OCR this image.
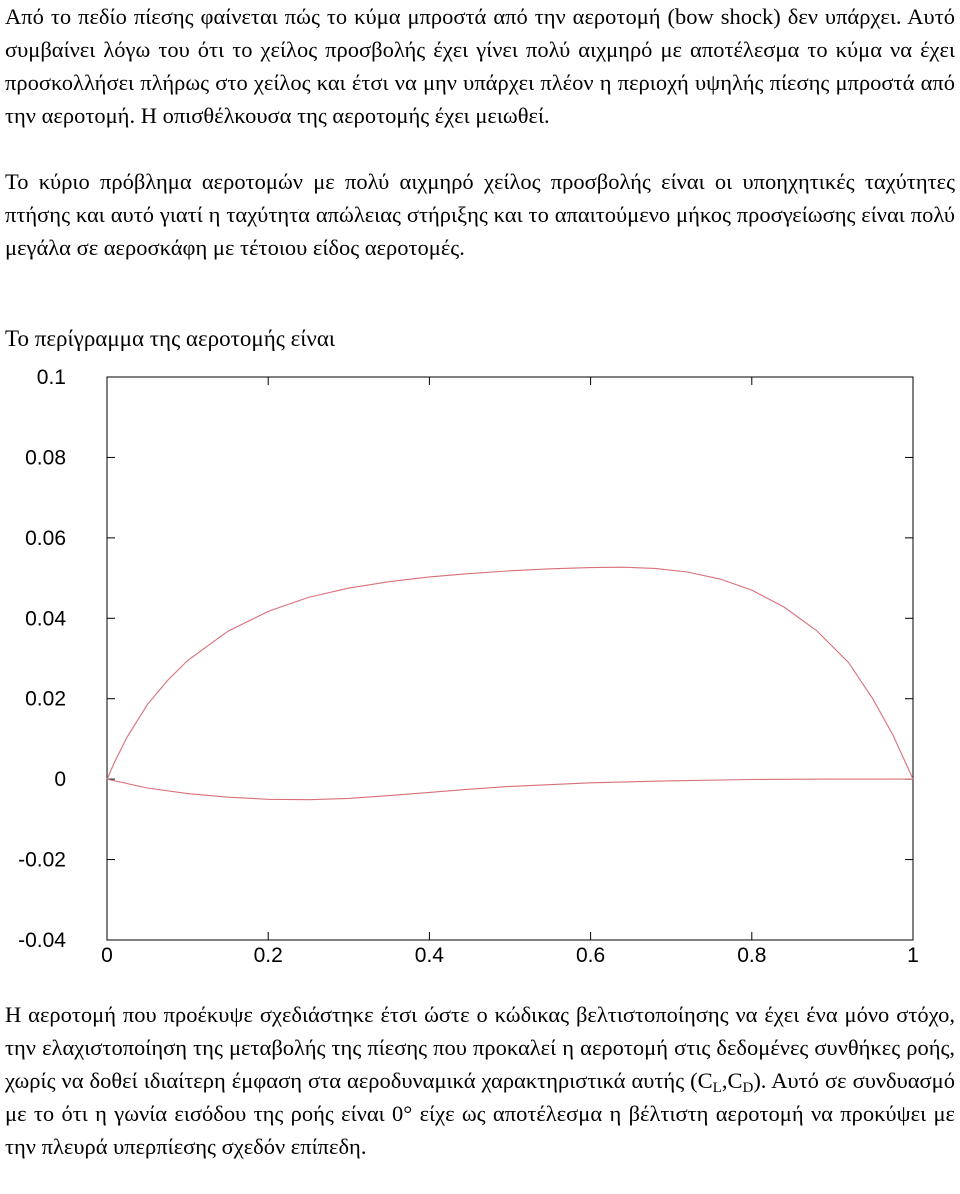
Από το πεδίο πίεσης φαίνεται πώς το κύμα μπροστά από την αεροτομή (bow shock) δεν υπάρχει. Αυτό συμβαίνει λόγω του ότι το χείλος προσβολής έχει γίνει πολύ αιχμηρό με αποτέλεσμα το κύμα να έχει προσκολλήσει πλήρως στο χείλος και έτσι να μην υπάρχει πλέον η περιοχή υψηλής πίεσης μπροστά από την αεροτομή. Η οπισθέλκουσα της αεροτομής έχει μειωθεί.

Το κύριο πρόβλημα αεροτομών με πολύ αιχμηρό χείλος προσβολής είναι οι υποηχητικές ταχύτητες πτήσης και αυτό γιατί η ταχύτητα απώλειας στήριξης και το απαιτούμενο μήκος προσγείωσης είναι πολύ μεγάλα σε αεροσκάφη με τέτοιου είδος αεροτομές.

Το περίγραμμα της αεροτομής είναι
0.1
0.08
0.06
0.04
0.02
0
-0.02
-0.04
0	0.2	0.4	0.6	0.8	1

Η αεροτομή που προέκυψε σχεδιάστηκε έτσι ώστε ο κώδικας βελτιστοποίησης να έχει ένα μόνο στόχο, την ελαχιστοποίηση της μεταβολής της πίεσης που προκαλεί η αεροτομή στις δεδομένες συνθήκες ροής, χωρίς να δοθεί ιδιαίτερη έμφαση στα αεροδυναμικά χαρακτηριστικά αυτής $(C_L,C_D)$. Αυτό σε συνδυασμό με το ότι η γωνία εισόδου της ροής είναι 0° είχε ως αποτέλεσμα η βέλτιστη αεροτομή να προκύψει με την πλευρά υπερπίεσης σχεδόν επίπεδη.
